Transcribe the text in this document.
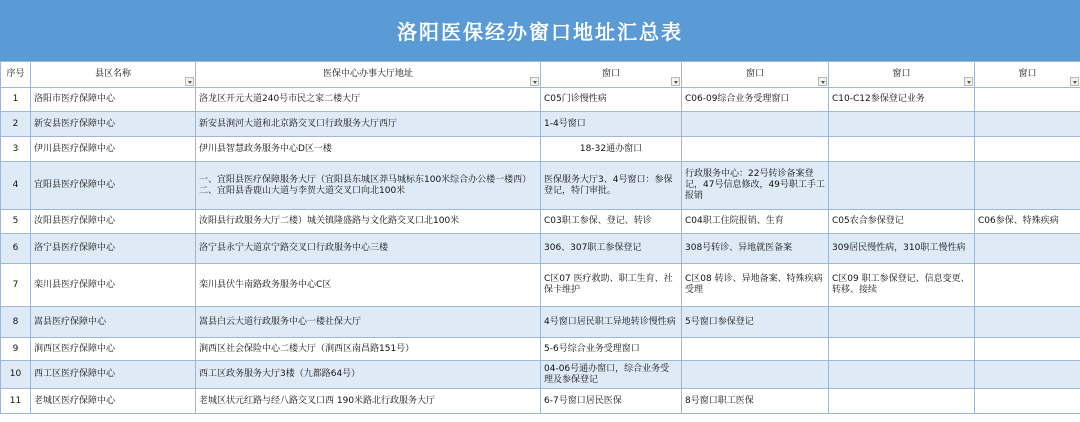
洛阳医保经办窗口地址汇总表
序号	县区名称	医保中心办事大厅地址	窗口	窗口	窗口	窗口

1	洛阳市医疗保障中心	洛龙区开元大道240号市民之家二楼大厅	C05门诊慢性病	C06-09综合业务受理窗口	C10-C12参保登记业务	
2	新安县医疗保障中心	新安县涧河大道和北京路交叉口行政服务大厅西厅	1-4号窗口			
3	伊川县医疗保障中心	伊川县智慧政务服务中心D区一楼	18-32通办窗口			
4	宜阳县医疗保障中心	一、宜阳县医疗保障服务大厅（宜阳县东城区莽马城标东100米综合办公楼一楼西）二、宜阳县香鹿山大道与李贺大道交叉口向北100米	医保服务大厅3、4号窗口：参保登记，特门审批。	行政服务中心：22号转诊备案登记，47号信息修改，49号职工手工报销		
5	汝阳县医疗保障中心	汝阳县行政服务大厅二楼）城关镇隆盛路与文化路交叉口北100米	C03职工参保、登记、转诊	C04职工住院报销、生育	C05农合参保登记	C06参保、特殊疾病
6	洛宁县医疗保障中心	洛宁县永宁大道京宁路交叉口行政服务中心三楼	306、307职工参保登记	308号转诊、异地就医备案	309居民慢性病，310职工慢性病	
7	栾川县医疗保障中心	栾川县伏牛南路政务服务中心C区	C区07 医疗救助、职工生育、社保卡维护	C区08 转诊、异地备案、特殊疾病受理	C区09 职工参保登记、信息变更、转移、接续	
8	嵩县医疗保障中心	嵩县白云大道行政服务中心一楼社保大厅	4号窗口居民职工异地转诊慢性病	5号窗口参保登记		
9	涧西区医疗保障中心	涧西区社会保险中心二楼大厅（涧西区南昌路151号）	5-6号综合业务受理窗口			
10	西工区医疗保障中心	西工区政务服务大厅3楼（九都路64号）	04-06号通办窗口，综合业务受理及参保登记			
11	老城区医疗保障中心	老城区状元红路与经八路交叉口西 190米路北行政服务大厅	6-7号窗口居民医保	8号窗口职工医保		
